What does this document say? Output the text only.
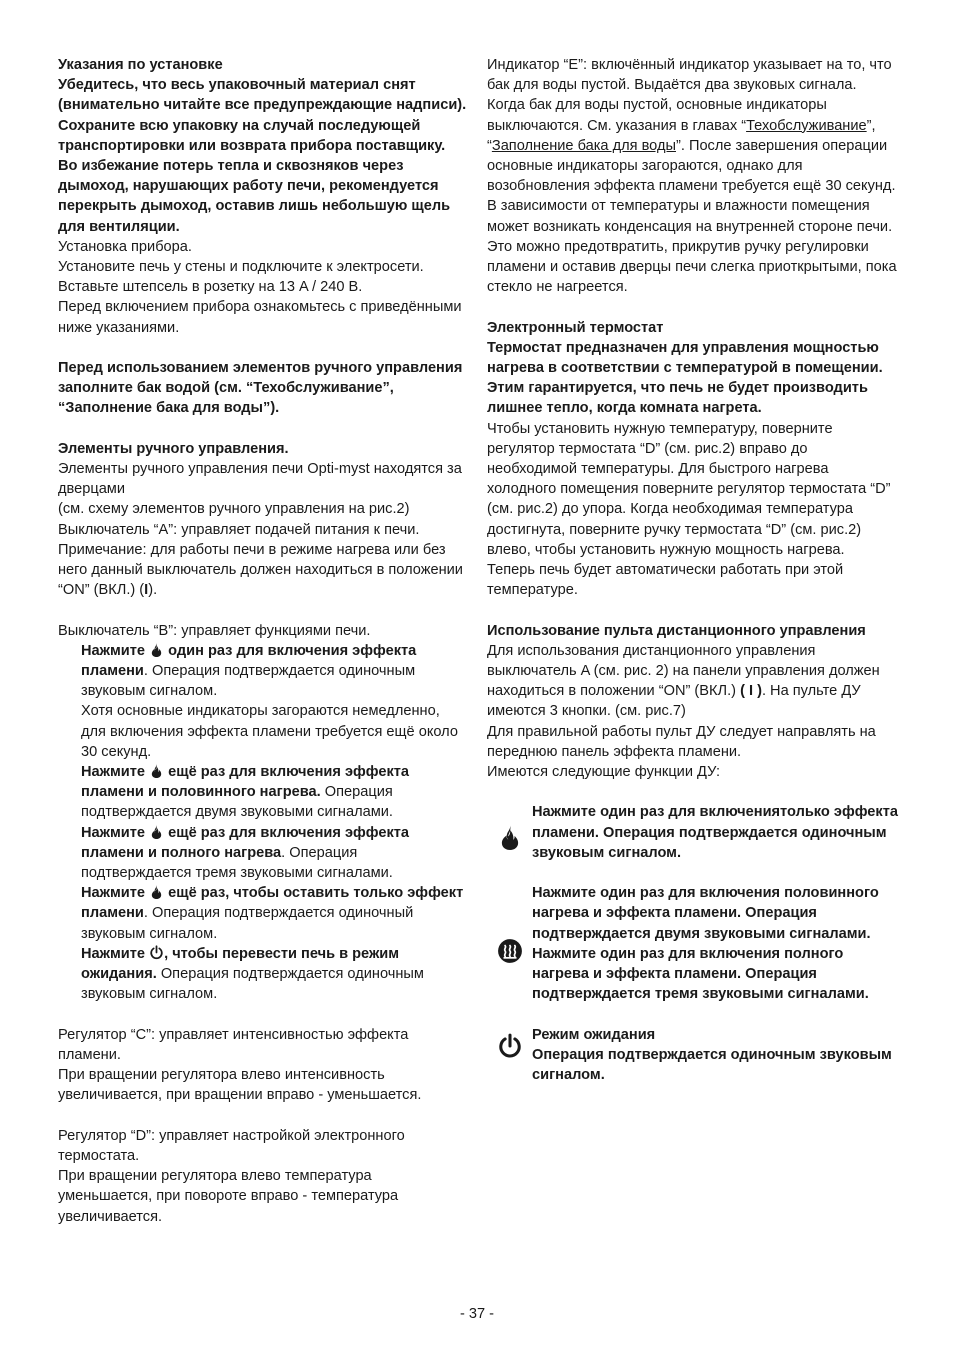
Указания по установке

Убедитесь, что весь упаковочный материал снят (внимательно читайте все предупреждающие надписи).

Сохраните всю упаковку на случай последующей транспортировки или возврата прибора поставщику.

Во избежание потерь тепла и сквозняков через дымоход, нарушающих работу печи, рекомендуется перекрыть дымоход, оставив лишь небольшую щель для вентиляции.

Установка прибора.

Установите печь у стены и подключите к электросети. Вставьте штепсель в розетку на 13 A / 240 В.

Перед включением прибора ознакомьтесь с приведёнными ниже указаниями.

Перед использованием элементов ручного управления заполните бак водой (см. “Техобслуживание”, “Заполнение бака для воды”).

Элементы ручного управления.

Элементы ручного управления печи Opti-myst находятся за дверцами

(см. схему элементов ручного управления на рис.2)

Выключатель “A”: управляет подачей питания к печи.

Примечание: для работы печи в режиме нагрева или без него данный выключатель должен находиться в положении “ON” (ВКЛ.) (I).

Выключатель “B”: управляет функциями печи.

Нажмите
один раз для включения эффекта пламени. Операция подтверждается одиночным звуковым сигналом.

Хотя основные индикаторы загораются немедленно, для включения эффекта пламени требуется ещё около 30 секунд.

Нажмите
ещё раз для включения эффекта пламени и половинного нагрева. Операция подтверждается двумя звуковыми сигналами.

Нажмите
ещё раз для включения эффекта пламени и полного нагрева. Операция подтверждается тремя звуковыми сигналами.

Нажмите
ещё раз, чтобы оставить только эффект пламени. Операция подтверждается одиночный звуковым сигналом.

Нажмите
, чтобы перевести печь в режим ожидания. Операция подтверждается одиночным звуковым сигналом.

Регулятор “C”: управляет интенсивностью эффекта пламени.

При вращении регулятора влево интенсивность увеличивается, при вращении вправо - уменьшается.

Регулятор “D”: управляет настройкой электронного термостата.

При вращении регулятора влево температура уменьшается, при повороте вправо - температура увеличивается.

Индикатор “E”: включённый индикатор указывает на то, что бак для воды пустой. Выдаётся два звуковых сигнала.

Когда бак для воды пустой, основные индикаторы выключаются. См. указания в главах “Техобслуживание”, “Заполнение бака для воды”. После завершения операции основные индикаторы загораются, однако для возобновления эффекта пламени требуется ещё 30 секунд.

В зависимости от температуры и влажности помещения может возникать конденсация на внутренней стороне печи. Это можно предотвратить, прикрутив ручку регулировки пламени и оставив дверцы печи слегка приоткрытыми, пока стекло не нагреется.

Электронный термостат

Термостат предназначен для управления мощностью нагрева в соответствии с температурой в помещении. Этим гарантируется, что печь не будет производить лишнее тепло, когда комната нагрета.

Чтобы установить нужную температуру, поверните регулятор термостата “D” (см. рис.2) вправо до необходимой температуры. Для быстрого нагрева холодного помещения поверните регулятор термостата “D” (см. рис.2) до упора. Когда необходимая температура достигнута, поверните ручку термостата “D” (см. рис.2) влево, чтобы установить нужную мощность нагрева.

Теперь печь будет автоматически работать при этой температуре.

Использование пульта дистанционного управления

Для использования дистанционного управления выключатель A (см. рис. 2) на панели управления должен находиться в положении “ON” (ВКЛ.) ( I ). На пульте ДУ имеются 3 кнопки. (см. рис.7)

Для правильной работы пульт ДУ следует направлять на переднюю панель эффекта пламени.

Имеются следующие функции ДУ:

Нажмите один раз для включениятолько эффекта пламени. Операция подтверждается одиночным звуковым сигналом.

Нажмите один раз для включения половинного нагрева и эффекта пламени. Операция подтверждается двумя звуковыми сигналами.

Нажмите один раз для включения полного нагрева и эффекта пламени. Операция подтверждается тремя звуковыми сигналами.

Режим ожидания
Операция подтверждается одиночным звуковым сигналом.

- 37 -
